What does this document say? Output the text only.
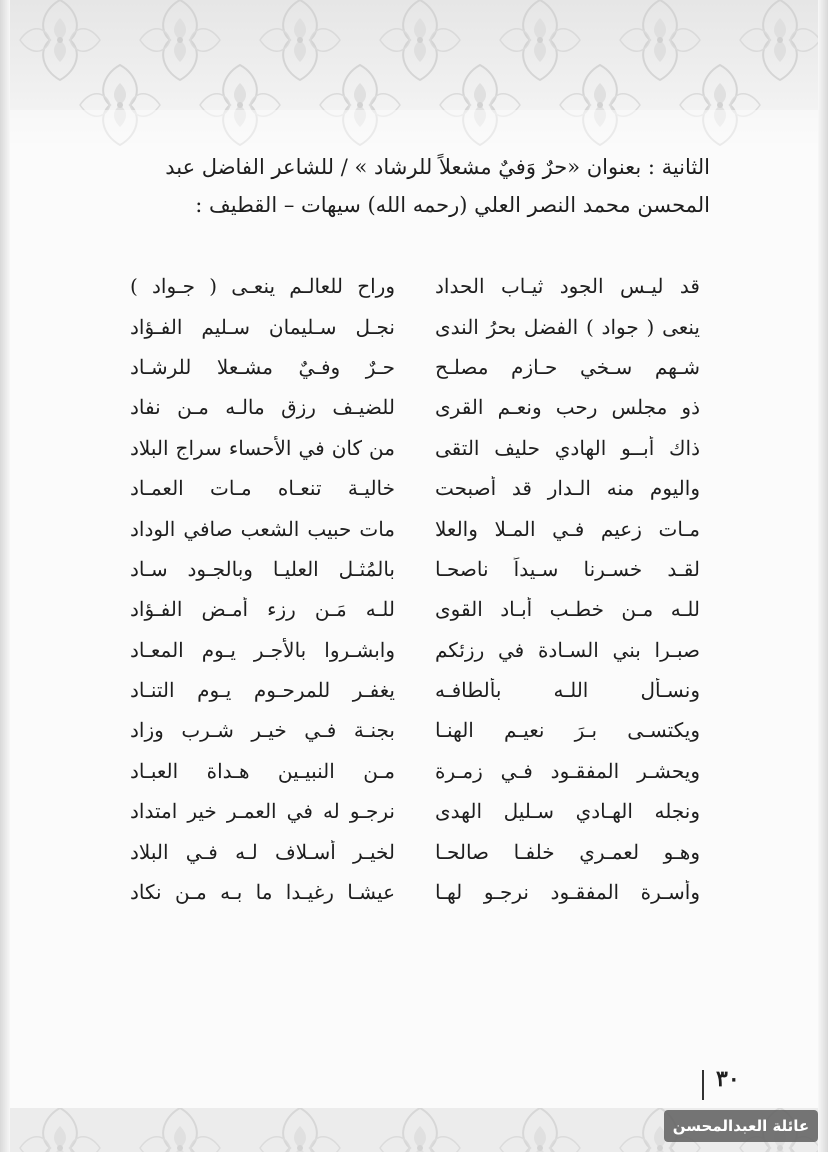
الثانية : بعنوان «حرٌ وَفيٌ مشعلاً للرشاد » / للشاعر الفاضل عبد
المحسن محمد النصر العلي (رحمه الله) سيهات – القطيف :
قد ليـس الجود ثيـاب الحداد
وراح للعالـم ينعـى ( جـواد )
ينعى ( جواد ) الفضل بحرُ الندى
نجـل سـليمان سـليم الفـؤاد
شـهم سـخي حـازم مصلـح
حـرٌ وفـيٌ مشـعلا للرشـاد
ذو مجلس رحب ونعـم القرى
للضيـف رزق مالـه مـن نفاد
ذاك أبــو الهادي حليف التقى
من كان في الأحساء سراج البلاد
واليوم منه الـدار قد أصبحت
خاليـة تنعـاه مـات العمـاد
مـات زعيم فـي المـلا والعلا
مات حبيب الشعب صافي الوداد
لقـد خسـرنا سـيداً ناصحـا
بالمُثـل العليـا وبالجـود سـاد
للـه مـن خطـب أبـاد القوى
للـه مَـن رزء أمـض الفـؤاد
صبـرا بني السـادة في رزئكم
وابشـروا بالأجـر يـوم المعـاد
ونسـأل اللـه بألطافـه
يغفـر للمرحـوم يـوم التنـاد
ويكتسـى بـرَ نعيـم الهنـا
بجنـة فـي خيـر شـرب وزاد
ويحشـر المفقـود فـي زمـرة
مـن النبيـين هـداة العبـاد
ونجله الهـادي سـليل الهدى
نرجـو له في العمـر خير امتداد
وهـو لعمـري خلفـا صالحـا
لخيـر أسـلاف لـه فـي البلاد
وأسـرة المفقـود نرجـو لهـا
عيشـا رغيـدا ما بـه مـن نكاد
٣٠
عائلة العبدالمحسن
